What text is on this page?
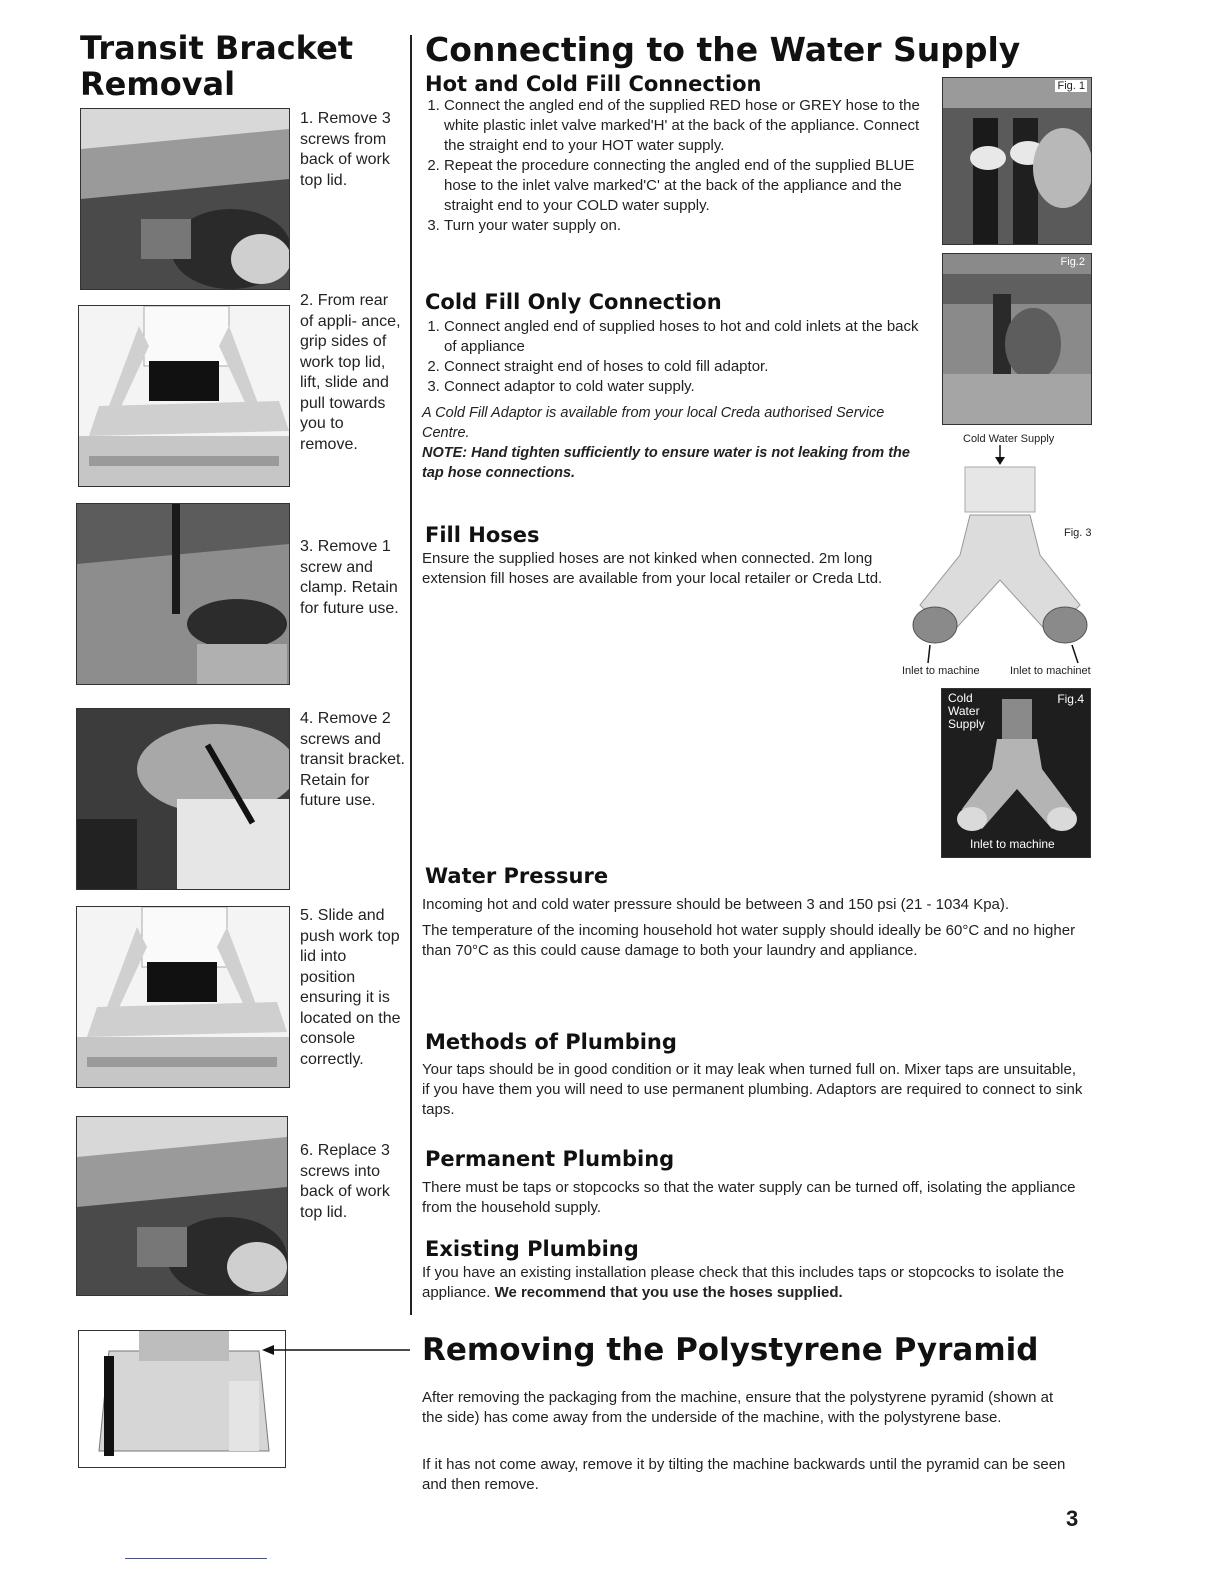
Transit Bracket Removal
1. Remove 3 screws from back of work top lid.
2. From rear of appli- ance, grip sides of work top lid, lift, slide and pull towards you to remove.
3. Remove 1 screw and clamp. Retain for future use.
4. Remove 2 screws and transit bracket. Retain for future use.
5. Slide and push work top lid into position ensuring it is located on the console correctly.
6. Replace 3 screws into back of work top lid.
Connecting to the Water Supply
Hot and Cold Fill Connection
1. Connect the angled end of the supplied RED hose or GREY hose to the white plastic inlet valve marked'H' at the back of the appliance. Connect the straight end to your HOT water supply.
2. Repeat the procedure connecting the angled end of the supplied BLUE hose to the inlet valve marked'C' at the back of the appliance and the straight end to your COLD water supply.
3. Turn your water supply on.
Cold Fill Only Connection
1. Connect angled end of supplied hoses to hot and cold inlets at the back of appliance
2. Connect straight end of hoses to cold fill adaptor.
3. Connect adaptor to cold water supply.

A Cold Fill Adaptor is available from your local Creda authorised Service Centre.

NOTE: Hand tighten sufficiently to ensure water is not leaking from the tap hose connections.

Fill Hoses

Ensure the supplied hoses are not kinked when connected. 2m long extension fill hoses are available from your local retailer or Creda Ltd.

Fig. 1
Fig.2
Cold Water Supply
Fig. 3
Inlet to machine	Inlet to machinet
Cold
Water
Supply
Fig.4
Inlet to machine
Water Pressure

Incoming hot and cold water pressure should be between 3 and 150 psi (21 - 1034 Kpa).

The temperature of the incoming household hot water supply should ideally be 60°C and no higher than 70°C as this could cause damage to both your laundry and appliance.

Methods of Plumbing

Your taps should be in good condition or it may leak when turned full on. Mixer taps are unsuitable, if you have them you will need to use permanent plumbing. Adaptors are required to connect to sink taps.

Permanent Plumbing

There must be taps or stopcocks so that the water supply can be turned off, isolating the appliance from the household supply.

Existing Plumbing

If you have an existing installation please check that this includes taps or stopcocks to isolate the appliance. We recommend that you use the hoses supplied.

Removing the Polystyrene Pyramid

After removing the packaging from the machine, ensure that the polystyrene pyramid (shown at the side) has come away from the underside of the machine, with the polystyrene base.

If it has not come away, remove it by tilting the machine backwards until the pyramid can be seen and then remove.

3
